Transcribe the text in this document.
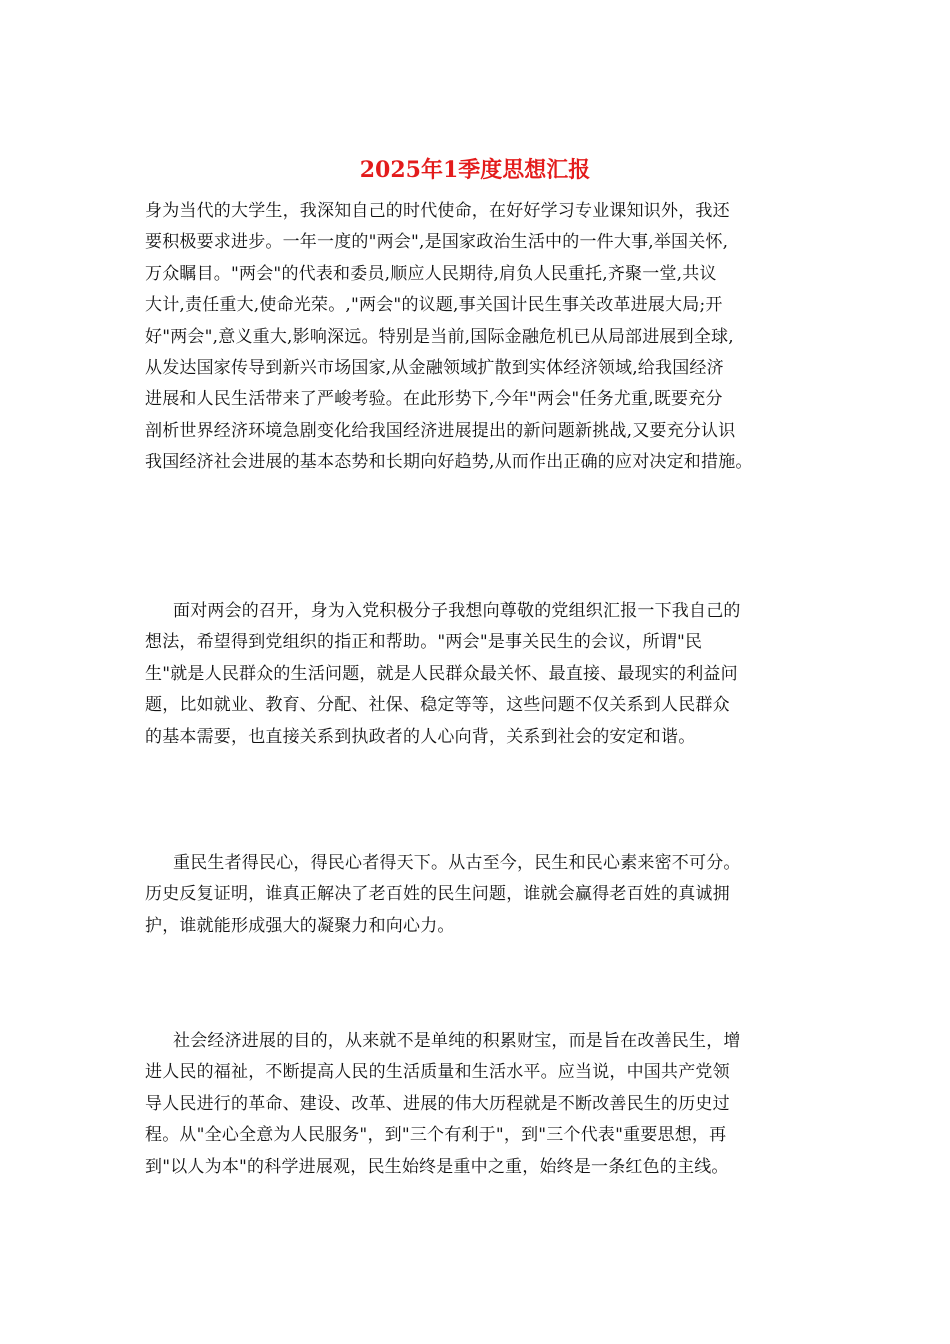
2025年1季度思想汇报

身为当代的大学生，我深知自己的时代使命，在好好学习专业课知识外，我还
要积极要求进步。一年一度的"两会",是国家政治生活中的一件大事,举国关怀,
万众瞩目。"两会"的代表和委员,顺应人民期待,肩负人民重托,齐聚一堂,共议
大计,责任重大,使命光荣。,"两会"的议题,事关国计民生事关改革进展大局;开
好"两会",意义重大,影响深远。特别是当前,国际金融危机已从局部进展到全球,
从发达国家传导到新兴市场国家,从金融领域扩散到实体经济领域,给我国经济
进展和人民生活带来了严峻考验。在此形势下,今年"两会"任务尤重,既要充分
剖析世界经济环境急剧变化给我国经济进展提出的新问题新挑战,又要充分认识
我国经济社会进展的基本态势和长期向好趋势,从而作出正确的应对决定和措施。

面对两会的召开，身为入党积极分子我想向尊敬的党组织汇报一下我自己的
想法，希望得到党组织的指正和帮助。"两会"是事关民生的会议，所谓"民
生"就是人民群众的生活问题，就是人民群众最关怀、最直接、最现实的利益问
题，比如就业、教育、分配、社保、稳定等等，这些问题不仅关系到人民群众
的基本需要，也直接关系到执政者的人心向背，关系到社会的安定和谐。

重民生者得民心，得民心者得天下。从古至今，民生和民心素来密不可分。
历史反复证明，谁真正解决了老百姓的民生问题，谁就会赢得老百姓的真诚拥
护，谁就能形成强大的凝聚力和向心力。

社会经济进展的目的，从来就不是单纯的积累财宝，而是旨在改善民生，增
进人民的福祉，不断提高人民的生活质量和生活水平。应当说，中国共产党领
导人民进行的革命、建设、改革、进展的伟大历程就是不断改善民生的历史过
程。从"全心全意为人民服务"，到"三个有利于"，到"三个代表"重要思想，再
到"以人为本"的科学进展观，民生始终是重中之重，始终是一条红色的主线。
